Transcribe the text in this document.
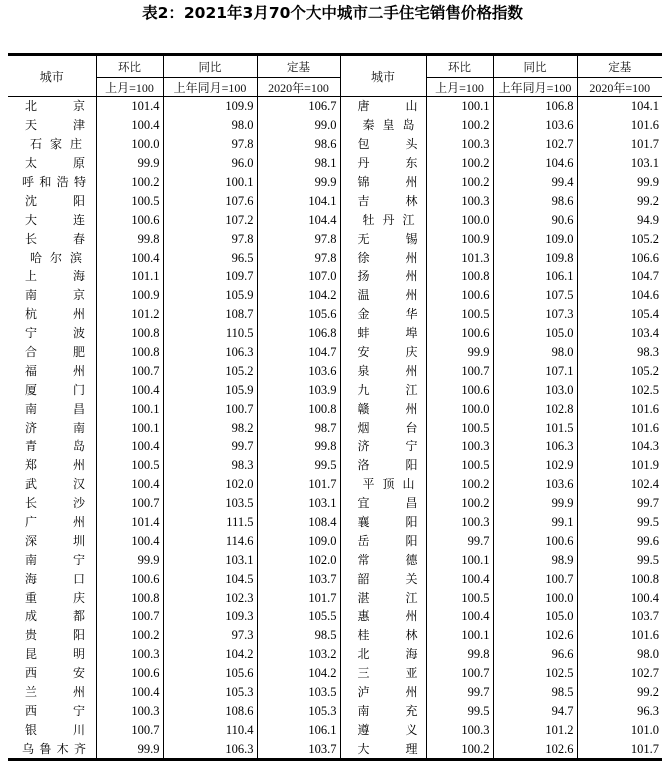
表2：2021年3月70个大中城市二手住宅销售价格指数
城市	环比	同比	定基	城市	环比	同比	定基
	上月=100	上年同月=100	2020年=100		上月=100	上年同月=100	2020年=100

北 京	101.4	109.9	106.7	唐 山	100.1	106.8	104.1

天 津	100.4	98.0	99.0	秦 皇 岛	100.2	103.6	101.6

石 家 庄	100.0	97.8	98.6	包 头	100.3	102.7	101.7

太 原	99.9	96.0	98.1	丹 东	100.2	104.6	103.1

呼和浩特	100.2	100.1	99.9	锦 州	100.2	99.4	99.9

沈 阳	100.5	107.6	104.1	吉 林	100.3	98.6	99.2

大 连	100.6	107.2	104.4	牡 丹 江	100.0	90.6	94.9

长 春	99.8	97.8	97.8	无 锡	100.9	109.0	105.2

哈 尔 滨	100.4	96.5	97.8	徐 州	101.3	109.8	106.6

上 海	101.1	109.7	107.0	扬 州	100.8	106.1	104.7

南 京	100.9	105.9	104.2	温 州	100.6	107.5	104.6

杭 州	101.2	108.7	105.6	金 华	100.5	107.3	105.4

宁 波	100.8	110.5	106.8	蚌 埠	100.6	105.0	103.4

合 肥	100.8	106.3	104.7	安 庆	99.9	98.0	98.3

福 州	100.7	105.2	103.6	泉 州	100.7	107.1	105.2

厦 门	100.4	105.9	103.9	九 江	100.6	103.0	102.5

南 昌	100.1	100.7	100.8	赣 州	100.0	102.8	101.6

济 南	100.1	98.2	98.7	烟 台	100.5	101.5	101.6

青 岛	100.4	99.7	99.8	济 宁	100.3	106.3	104.3

郑 州	100.5	98.3	99.5	洛 阳	100.5	102.9	101.9

武 汉	100.4	102.0	101.7	平 顶 山	100.2	103.6	102.4

长 沙	100.7	103.5	103.1	宜 昌	100.2	99.9	99.7

广 州	101.4	111.5	108.4	襄 阳	100.3	99.1	99.5

深 圳	100.4	114.6	109.0	岳 阳	99.7	100.6	99.6

南 宁	99.9	103.1	102.0	常 德	100.1	98.9	99.5

海 口	100.6	104.5	103.7	韶 关	100.4	100.7	100.8

重 庆	100.8	102.3	101.7	湛 江	100.5	100.0	100.4

成 都	100.7	109.3	105.5	惠 州	100.4	105.0	103.7

贵 阳	100.2	97.3	98.5	桂 林	100.1	102.6	101.6

昆 明	100.3	104.2	103.2	北 海	99.8	96.6	98.0

西 安	100.6	105.6	104.2	三 亚	100.7	102.5	102.7

兰 州	100.4	105.3	103.5	泸 州	99.7	98.5	99.2

西 宁	100.3	108.6	105.3	南 充	99.5	94.7	96.3

银 川	100.7	110.4	106.1	遵 义	100.3	101.2	101.0

乌鲁木齐	99.9	106.3	103.7	大 理	100.2	102.6	101.7
